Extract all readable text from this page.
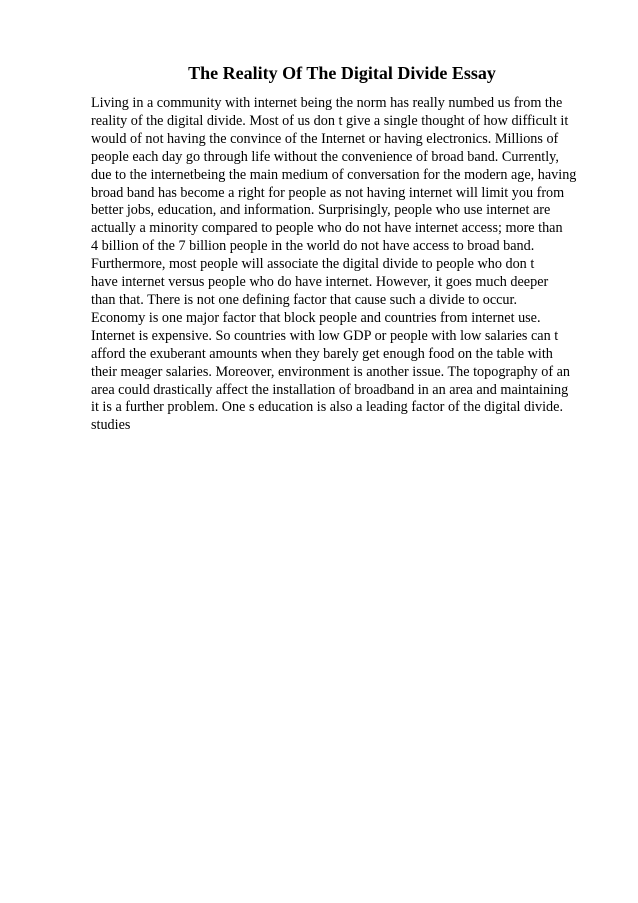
The Reality Of The Digital Divide Essay
Living in a community with internet being the norm has really numbed us from the
reality of the digital divide. Most of us don t give a single thought of how difficult it
would of not having the convince of the Internet or having electronics. Millions of
people each day go through life without the convenience of broad band. Currently,
due to the internetbeing the main medium of conversation for the modern age, having
broad band has become a right for people as not having internet will limit you from
better jobs, education, and information. Surprisingly, people who use internet are
actually a minority compared to people who do not have internet access; more than
4 billion of the 7 billion people in the world do not have access to broad band.
Furthermore, most people will associate the digital divide to people who don t
have internet versus people who do have internet. However, it goes much deeper
than that. There is not one defining factor that cause such a divide to occur.
Economy is one major factor that block people and countries from internet use.
Internet is expensive. So countries with low GDP or people with low salaries can t
afford the exuberant amounts when they barely get enough food on the table with
their meager salaries. Moreover, environment is another issue. The topography of an
area could drastically affect the installation of broadband in an area and maintaining
it is a further problem. One s education is also a leading factor of the digital divide.
studies
